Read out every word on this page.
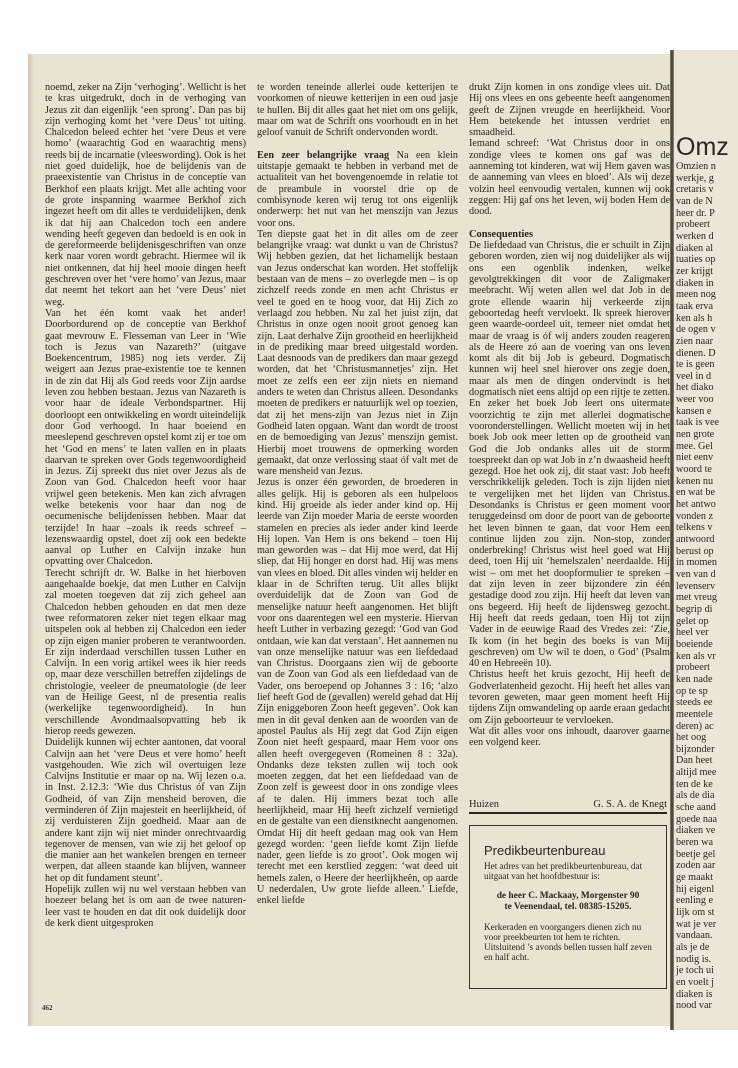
noemd, zeker na Zijn ‘verhoging’. Wellicht is het te kras uitgedrukt, doch in de verhoging van Jezus zit dan eigenlijk ‘een sprong’. Dan pas bij zijn verhoging komt het ‘vere Deus’ tot uiting. Chalcedon beleed echter het ‘vere Deus et vere homo’ (waarachtig God en waarachtig mens) reeds bij de incarnatie (vleeswording). Ook is het niet goed duidelijk, hoe de belijdenis van de praeexistentie van Christus in de conceptie van Berkhof een plaats krijgt. Met alle achting voor de grote inspanning waarmee Berkhof zich ingezet heeft om dit alles te verduidelijken, denk ik dat hij aan Chalcedon toch een andere wending heeft gegeven dan bedoeld is en ook in de gereformeerde belijdenisgeschriften van onze kerk naar voren wordt gebracht. Hiermee wil ik niet ontkennen, dat hij heel mooie dingen heeft geschreven over het ‘vere homo’ van Jezus, maar dat neemt het tekort aan het ‘vere Deus’ niet weg.

Van het één komt vaak het ander! Doorbordurend op de conceptie van Berkhof gaat mevrouw E. Flesseman van Leer in ‘Wie toch is Jezus van Nazareth?’ (uitgave Boekencentrum, 1985) nog iets verder. Zij weigert aan Jezus prae-existentie toe te kennen in de zin dat Hij als God reeds voor Zijn aardse leven zou hebben bestaan. Jezus van Nazareth is voor haar de ideale Verbondspartner. Hij doorloopt een ontwikkeling en wordt uiteindelijk door God verhoogd. In haar boeiend en meeslepend geschreven opstel komt zij er toe om het ‘God en mens’ te laten vallen en in plaats daarvan te spreken over Gods tegenwoordigheid in Jezus. Zij spreekt dus niet over Jezus als de Zoon van God. Chalcedon heeft voor haar vrijwel geen betekenis. Men kan zich afvragen welke betekenis voor haar dan nog de oecumenische belijdenissen hebben. Maar dat terzijde! In haar –zoals ik reeds schreef – lezenswaardig opstel, doet zij ook een bedekte aanval op Luther en Calvijn inzake hun opvatting over Chalcedon.

Terecht schrijft dr. W. Balke in het hierboven aangehaalde boekje, dat men Luther en Calvijn zal moeten toegeven dat zij zich geheel aan Chalcedon hebben gehouden en dat men deze twee reformatoren zeker niet tegen elkaar mag uitspelen ook al hebben zij Chalcedon een ieder op zijn eigen manier proberen te verantwoorden. Er zijn inderdaad verschillen tussen Luther en Calvijn. In een vorig artikel wees ik hier reeds op, maar deze verschillen betreffen zijdelings de christologie, veeleer de pneumatologie (de leer van de Heilige Geest, nl de presentia realis (werkelijke tegenwoordigheid). In hun verschillende Avondmaalsopvatting heb ik hierop reeds gewezen.

Duidelijk kunnen wij echter aantonen, dat vooral Calvijn aan het ‘vere Deus et vere homo’ heeft vastgehouden. Wie zich wil overtuigen leze Calvijns Institutie er maar op na. Wij lezen o.a. in Inst. 2.12.3: ‘Wie dus Christus óf van Zijn Godheid, óf van Zijn mensheid beroven, die verminderen óf Zijn majesteit en heerlijkheid, óf zij verduisteren Zijn goedheid. Maar aan de andere kant zijn wij niet minder onrechtvaardig tegenover de mensen, van wie zij het geloof op die manier aan het wankelen brengen en terneer werpen, dat alleen staande kan blijven, wanneer het op dit fundament steunt’.

Hopelijk zullen wij nu wel verstaan hebben van hoezeer belang het is om aan de twee naturen-leer vast te houden en dat dit ook duidelijk door de kerk dient uitgesproken

te worden teneinde allerlei oude ketterijen te voorkomen of nieuwe ketterijen in een oud jasje te hullen. Bij dit alles gaat het niet om ons gelijk, maar om wat de Schrift ons voorhoudt en in het geloof vanuit de Schrift ondervonden wordt.

Een zeer belangrijke vraag Na een klein uitstapje gemaakt te hebben in verband met de actualiteit van het bovengenoemde in relatie tot de preambule in voorstel drie op de combisynode keren wij terug tot ons eigenlijk onderwerp: het nut van het menszijn van Jezus voor ons.

Ten diepste gaat het in dit alles om de zeer belangrijke vraag: wat dunkt u van de Christus? Wij hebben gezien, dat het lichamelijk bestaan van Jezus onderschat kan worden. Het stoffelijk bestaan van de mens – zo overlegde men – is op zichzelf reeds zonde en men acht Christus er veel te goed en te hoog voor, dat Hij Zich zo verlaagd zou hebben. Nu zal het juist zijn, dat Christus in onze ogen nooit groot genoeg kan zijn. Laat derhalve Zijn grootheid en heerlijkheid in de prediking maar breed uitgestald worden. Laat desnoods van de predikers dan maar gezegd worden, dat het ‘Christusmannetjes’ zijn. Het moet ze zelfs een eer zijn niets en niemand anders te weten dan Christus alleen. Desondanks moeten de predikers er natuurlijk wel op toezien, dat zij het mens-zijn van Jezus niet in Zijn Godheid laten opgaan. Want dan wordt de troost en de bemoediging van Jezus’ menszijn gemist. Hierbij moet trouwens de opmerking worden gemaakt, dat onze verlossing staat óf valt met de ware mensheid van Jezus.

Jezus is onzer één geworden, de broederen in alles gelijk. Hij is geboren als een hulpeloos kind. Hij groeide als ieder ander kind op. Hij leerde van Zijn moeder Maria de eerste woorden stamelen en precies als ieder ander kind leerde Hij lopen. Van Hem is ons bekend – toen Hij man geworden was – dat Hij moe werd, dat Hij sliep, dat Hij honger en dorst had. Hij was mens van vlees en bloed. Dit alles vinden wij helder en klaar in de Schriften terug. Uit alles blijkt overduidelijk dat de Zoon van God de menselijke natuur heeft aangenomen. Het blijft voor ons daarentegen wel een mysterie. Hiervan heeft Luther in verbazing gezegd: ‘God van God ontdaan, wie kan dat verstaan’. Het aannemen nu van onze menselijke natuur was een liefdedaad van Christus. Doorgaans zien wij de geboorte van de Zoon van God als een liefdedaad van de Vader, ons beroepend op Johannes 3 : 16; ‘alzo lief heeft God de (gevallen) wereld gehad dat Hij Zijn eniggeboren Zoon heeft gegeven’. Ook kan men in dit geval denken aan de woorden van de apostel Paulus als Hij zegt dat God Zijn eigen Zoon niet heeft gespaard, maar Hem voor ons allen heeft overgegeven (Romeinen 8 : 32a). Ondanks deze teksten zullen wij toch ook moeten zeggen, dat het een liefdedaad van de Zoon zelf is geweest door in ons zondige vlees af te dalen. Hij immers bezat toch alle heerlijkheid, maar Hij heeft zichzelf vernietigd en de gestalte van een dienstknecht aangenomen. Omdat Hij dit heeft gedaan mag ook van Hem gezegd worden: ‘geen liefde komt Zijn liefde nader, geen liefde is zo groot’. Ook mogen wij terecht met een kerstlied zeggen: ‘wat deed uit hemels zalen, o Heere der heerlijkheên, op aarde U nederdalen, Uw grote liefde alleen.’ Liefde, enkel liefde

drukt Zijn komen in ons zondige vlees uit. Dat Hij ons vlees en ons gebeente heeft aangenomen geeft de Zijnen vreugde en heerlijkheid. Voor Hem betekende het intussen verdriet en smaadheid.

Iemand schreef: ‘Wat Christus door in ons zondige vlees te komen ons gaf was de aanneming tot kinderen, wat wij Hem gaven was de aanneming van vlees en bloed’. Als wij deze volzin heel eenvoudig vertalen, kunnen wij ook zeggen: Hij gaf ons het leven, wij boden Hem de dood.

Consequenties

De liefdedaad van Christus, die er schuilt in Zijn geboren worden, zien wij nog duidelijker als wij ons een ogenblik indenken, welke gevolgtrekkingen dit voor de Zaligmaker meebracht. Wij weten allen wel dat Job in de grote ellende waarin hij verkeerde zijn geboortedag heeft vervloekt. Ik spreek hierover geen waarde-oordeel uit, temeer niet omdat het maar de vraag is óf wij anders zouden reageren als de Heere zó aan de voering van ons leven komt als dit bij Job is gebeurd. Dogmatisch kunnen wij heel snel hierover ons zegje doen, maar als men de dingen ondervindt is het dogmatisch niet eens altijd op een rijtje te zetten. En zeker het boek Job leert ons uitermate voorzichtig te zijn met allerlei dogmatische vooronderstellingen. Wellicht moeten wij in het boek Job ook meer letten op de grootheid van God die Job ondanks alles uit de storm toespreekt dan op wat Job in z’n dwaasheid heeft gezegd. Hoe het ook zij, dit staat vast: Job heeft verschrikkelijk geleden. Toch is zijn lijden niet te vergelijken met het lijden van Christus. Desondanks is Christus er geen moment voor teruggedeinsd om door de poort van de geboorte het leven binnen te gaan, dat voor Hem een continue lijden zou zijn. Non-stop, zonder onderbreking! Christus wist heel goed wat Hij deed, toen Hij uit ‘hemelszalen’ neerdaalde. Hij wist – om met het doopformulier te spreken – dat zijn leven in zeer bijzondere zin één gestadige dood zou zijn. Hij heeft dat leven van ons begeerd. Hij heeft de lijdensweg gezocht. Hij heeft dat reeds gedaan, toen Hij tot zijn Vader in de eeuwige Raad des Vredes zei: ‘Zie, Ik kom (in het begin des boeks is van Mij geschreven) om Uw wil te doen, o God’ (Psalm 40 en Hebreeën 10).

Christus heeft het kruis gezocht, Hij heeft de Godverlatenheid gezocht. Hij heeft het alles van tevoren geweten, maar geen moment heeft Hij tijdens Zijn omwandeling op aarde eraan gedacht om Zijn geboorteuur te vervloeken.

Wat dit alles voor ons inhoudt, daarover gaarne een volgend keer.

Huizen	G. S. A. de Knegt
Predikbeurtenbureau

Het adres van het predikbeurtenbureau, dat uitgaat van het hoofdbestuur is:

de heer C. Mackaay, Morgenster 90
te Veenendaal, tel. 08385-15205.

Kerkeraden en voorgangers dienen zich nu voor preekbeurten tot hem te richten. Uitsluitend ’s avonds bellen tussen half zeven en half acht.

462
Omz
Omzien n
werkje, g
cretaris v
van de N
heer dr. P
probeert
werken d
diaken al
tuaties op
zer krijgt
diaken in
meen nog
taak erva
ken als h
de ogen v
zien naar
dienen. D
te is geen
veel in d
het diako
weer voo
kansen e
taak is vee
nen grote
mee. Gel
niet eenv
woord te
kenen nu
en wat be
het antwo
vonden z
telkens v
antwoord
berust op
in momen
ven van d
levenserv
met vreug
begrip di
gelet op
heel ver
boeiende
ken als vr
probeert
ken nade
op te sp
steeds ee
meentele
deren) ac
het oog
bijzonder
Dan heet
altijd mee
ten de ke
als de dia
sche aand
goede naa
diaken ve
beren wa
beetje gel
zoden aar
ge maakt
hij eigenl
eenling e
lijk om st
wat je ver
vandaan.
als je de
nodig is.
je toch ui
en voelt j
diaken is
nood var
